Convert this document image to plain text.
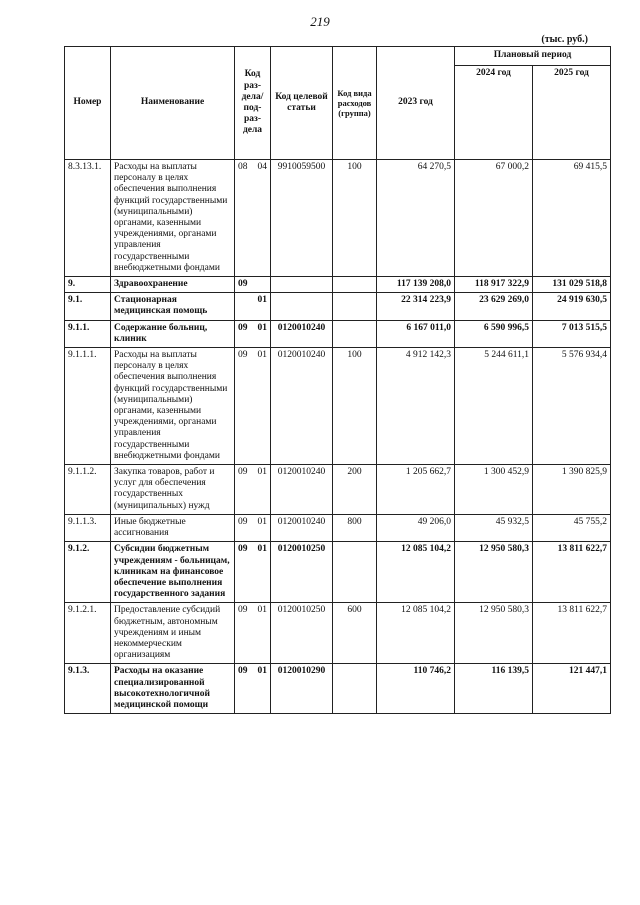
219
(тыс. руб.)
Номер	Наименование	Код раз-дела/ под-раз-дела		Код целевой статьи	Код вида расходов (группа)	2023 год	Плановый период	
							2024 год	2025 год
8.3.13.1.	Расходы на выплаты персоналу в целях обеспечения выполнения функций государственными (муниципальными) органами, казенными учреждениями, органами управления государственными внебюджетными фондами	08	04	9910059500	100	64 270,5	67 000,2	69 415,5
9.	Здравоохранение	09				117 139 208,0	118 917 322,9	131 029 518,8
9.1.	Стационарная медицинская помощь		01			22 314 223,9	23 629 269,0	24 919 630,5
9.1.1.	Содержание больниц, клиник	09	01	0120010240		6 167 011,0	6 590 996,5	7 013 515,5
9.1.1.1.	Расходы на выплаты персоналу в целях обеспечения выполнения функций государственными (муниципальными) органами, казенными учреждениями, органами управления государственными внебюджетными фондами	09	01	0120010240	100	4 912 142,3	5 244 611,1	5 576 934,4
9.1.1.2.	Закупка товаров, работ и услуг для обеспечения государственных (муниципальных) нужд	09	01	0120010240	200	1 205 662,7	1 300 452,9	1 390 825,9
9.1.1.3.	Иные бюджетные ассигнования	09	01	0120010240	800	49 206,0	45 932,5	45 755,2
9.1.2.	Субсидии бюджетным учреждениям - больницам, клиникам на финансовое обеспечение выполнения государственного задания	09	01	0120010250		12 085 104,2	12 950 580,3	13 811 622,7
9.1.2.1.	Предоставление субсидий бюджетным, автономным учреждениям и иным некоммерческим организациям	09	01	0120010250	600	12 085 104,2	12 950 580,3	13 811 622,7
9.1.3.	Расходы на оказание специализированной высокотехнологичной медицинской помощи	09	01	0120010290		110 746,2	116 139,5	121 447,1
